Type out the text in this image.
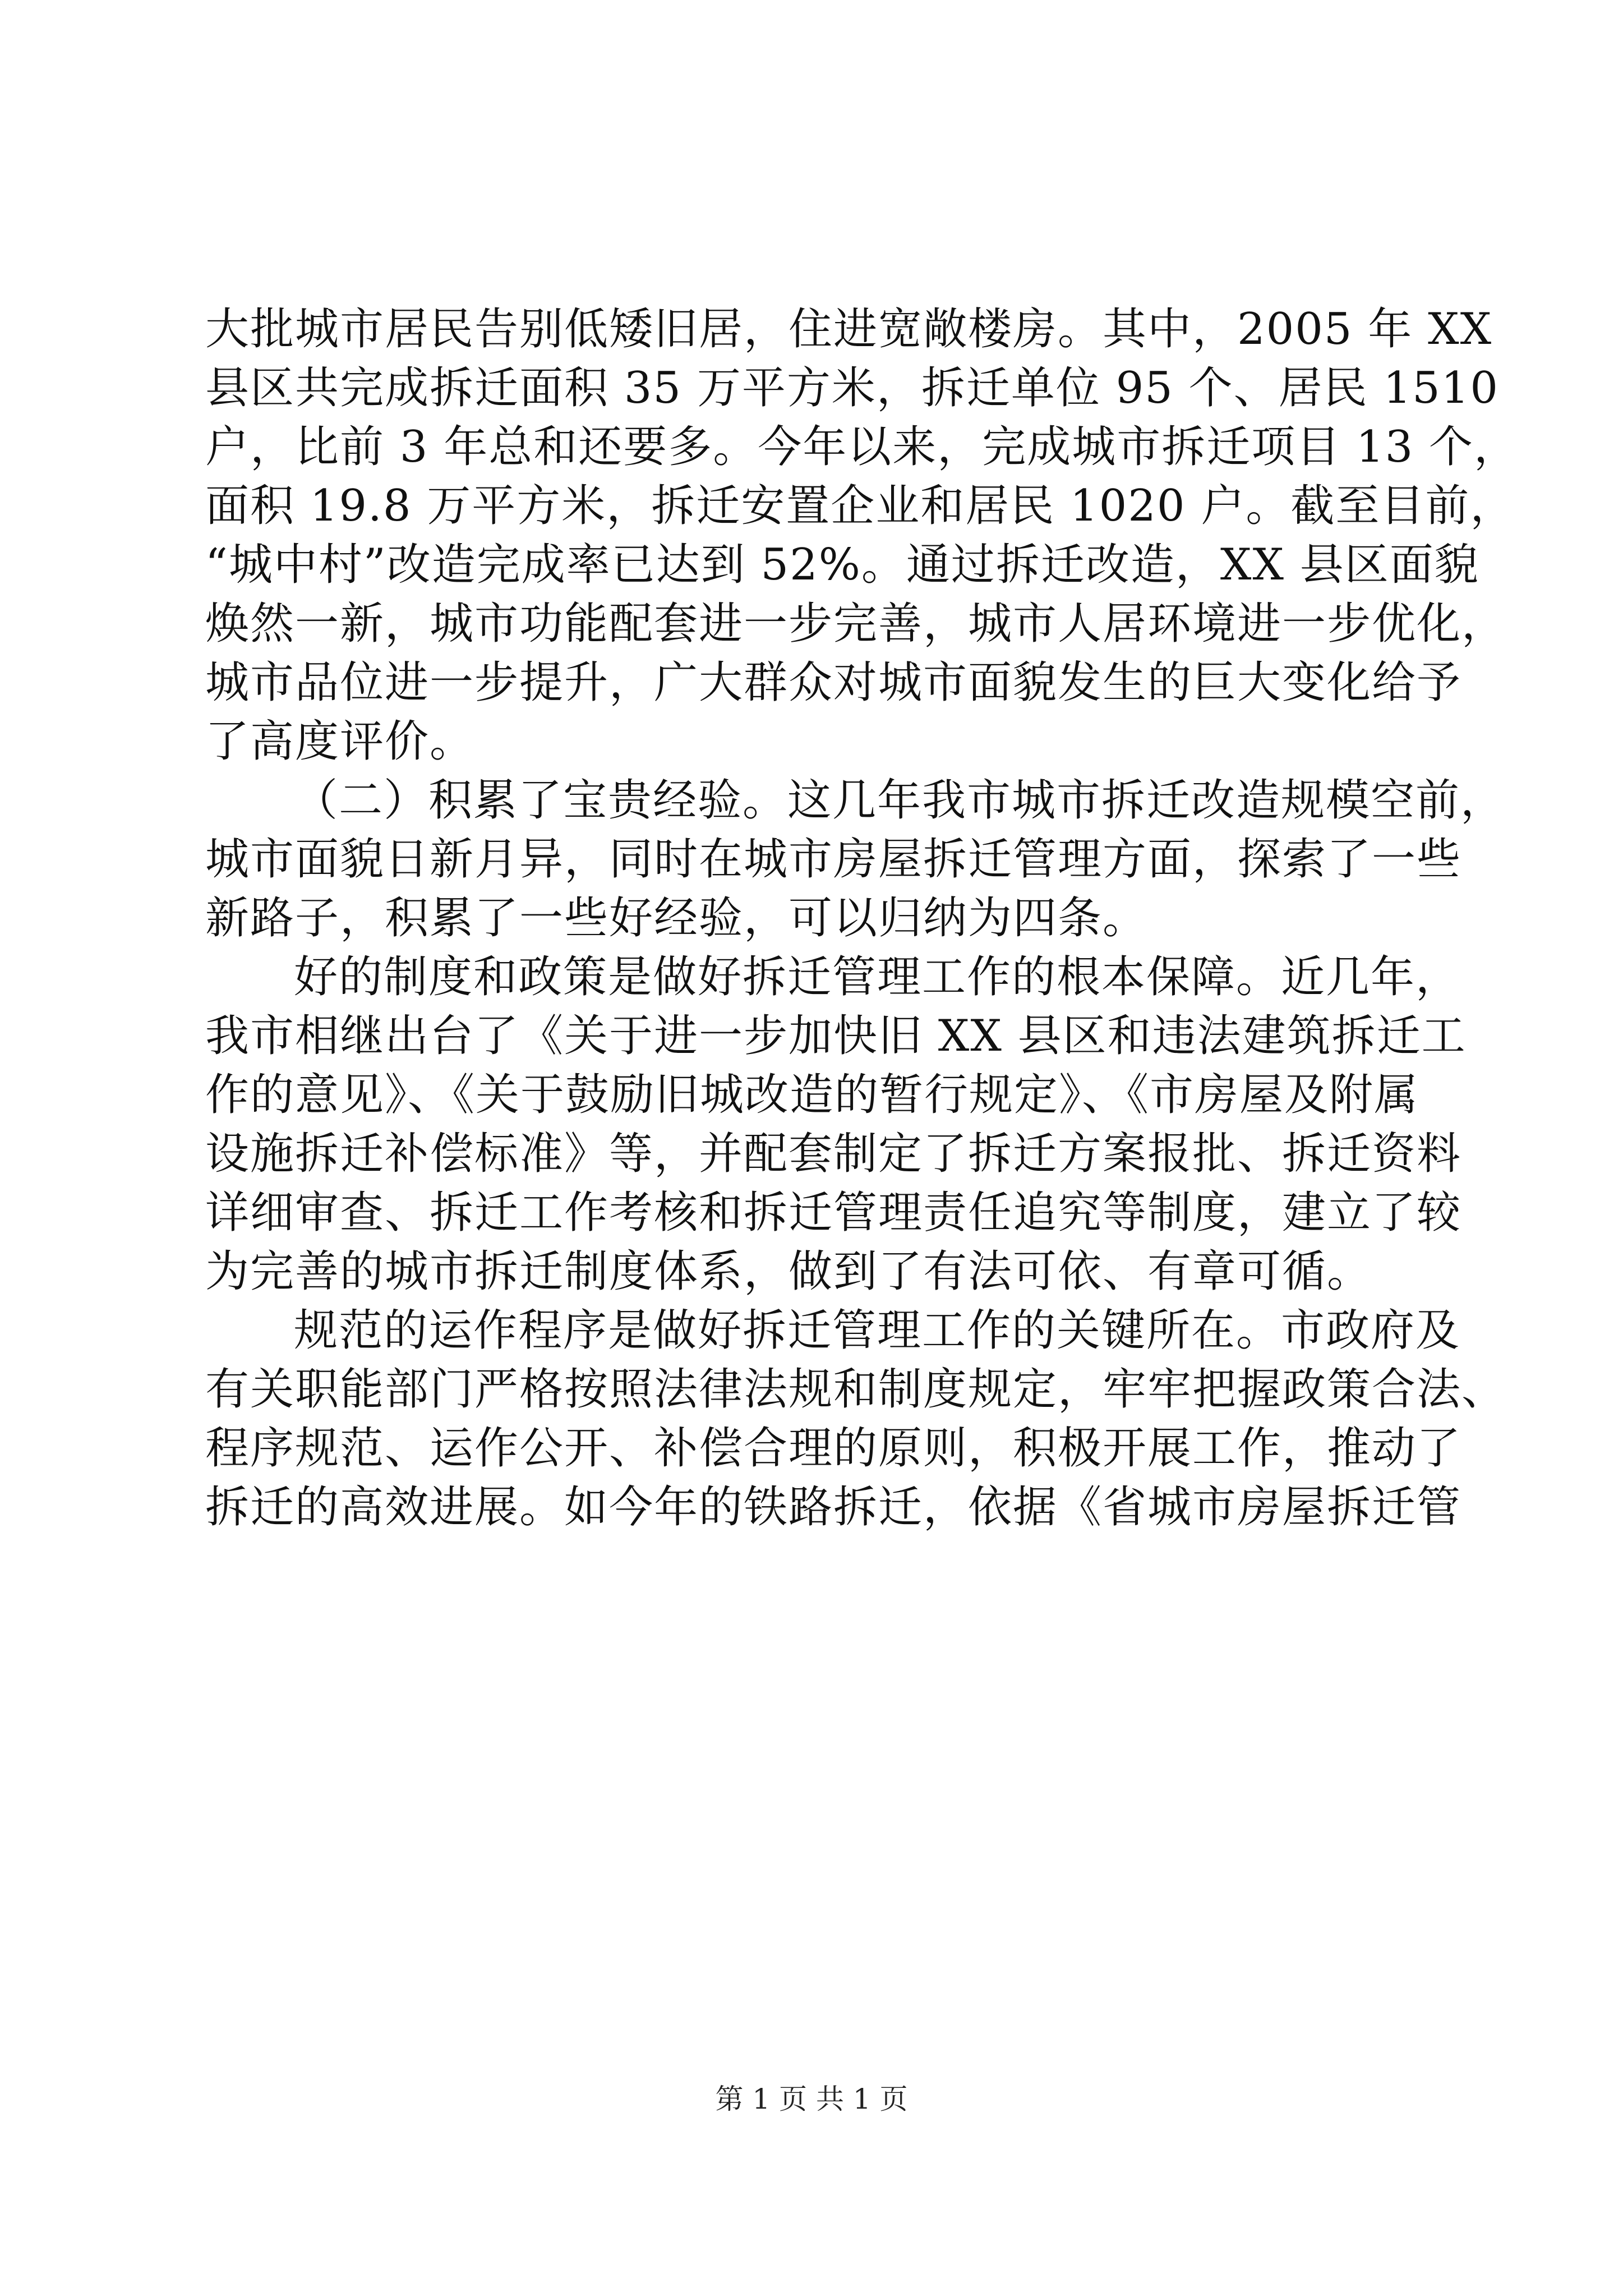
大批城市居民告别低矮旧居，住进宽敞楼房。其中，2005 年 XX
县区共完成拆迁面积 35 万平方米，拆迁单位 95 个、居民 1510
户，比前 3 年总和还要多。今年以来，完成城市拆迁项目 13 个，
面积 19.8 万平方米，拆迁安置企业和居民 1020 户。截至目前，
“城中村”改造完成率已达到 52%。通过拆迁改造，XX 县区面貌
焕然一新，城市功能配套进一步完善，城市人居环境进一步优化，
城市品位进一步提升，广大群众对城市面貌发生的巨大变化给予
了高度评价。
（二）积累了宝贵经验。这几年我市城市拆迁改造规模空前，
城市面貌日新月异，同时在城市房屋拆迁管理方面，探索了一些
新路子，积累了一些好经验，可以归纳为四条。
好的制度和政策是做好拆迁管理工作的根本保障。近几年，
我市相继出台了《关于进一步加快旧 XX 县区和违法建筑拆迁工
作的意见》、《关于鼓励旧城改造的暂行规定》、《市房屋及附属
设施拆迁补偿标准》等，并配套制定了拆迁方案报批、拆迁资料
详细审查、拆迁工作考核和拆迁管理责任追究等制度，建立了较
为完善的城市拆迁制度体系，做到了有法可依、有章可循。
规范的运作程序是做好拆迁管理工作的关键所在。市政府及
有关职能部门严格按照法律法规和制度规定，牢牢把握政策合法、
程序规范、运作公开、补偿合理的原则，积极开展工作，推动了
拆迁的高效进展。如今年的铁路拆迁，依据《省城市房屋拆迁管
第 1 页 共 1 页
